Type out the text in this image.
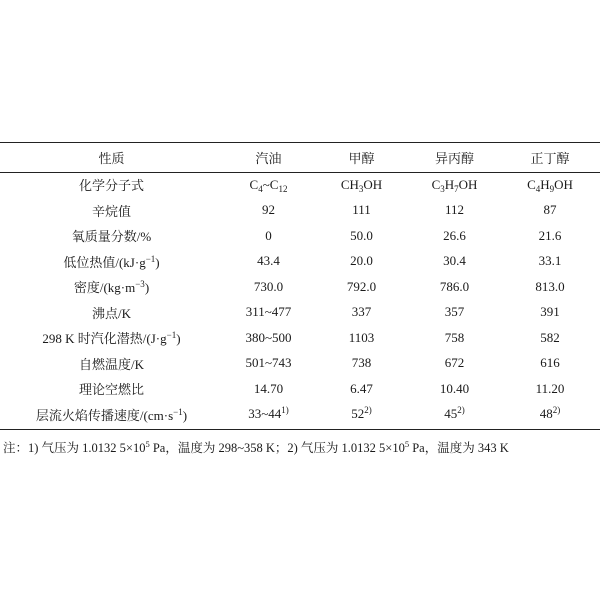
性质	汽油	甲醇	异丙醇	正丁醇
化学分子式	$C_4\sim C_{12}$	$CH_3OH$	$C_3H_7OH$	$C_4H_9OH$
辛烷值	92	111	112	87
氧质量分数/%	0	50.0	26.6	21.6
低位热值$/(kJ\cdot g^{-1})$	43.4	20.0	30.4	33.1
密度$/(kg\cdot m^{-3})$	730.0	792.0	786.0	813.0
沸点/K	311~477	337	357	391
298 K 时汽化潜热$/(J\cdot g^{-1})$	380~500	1103	758	582
自燃温度/K	501~743	738	672	616
理论空燃比	14.70	6.47	10.40	11.20
层流火焰传播速度$/(cm\cdot s^{-1})$	33~44$^{1)}$	52$^{2)}$	45$^{2)}$	48$^{2)}$
注：1) 气压为 1.0132 $5\times 10^5$ Pa，温度为 298~358 K；2) 气压为 1.0132 $5\times 10^5$ Pa，温度为 343 K
